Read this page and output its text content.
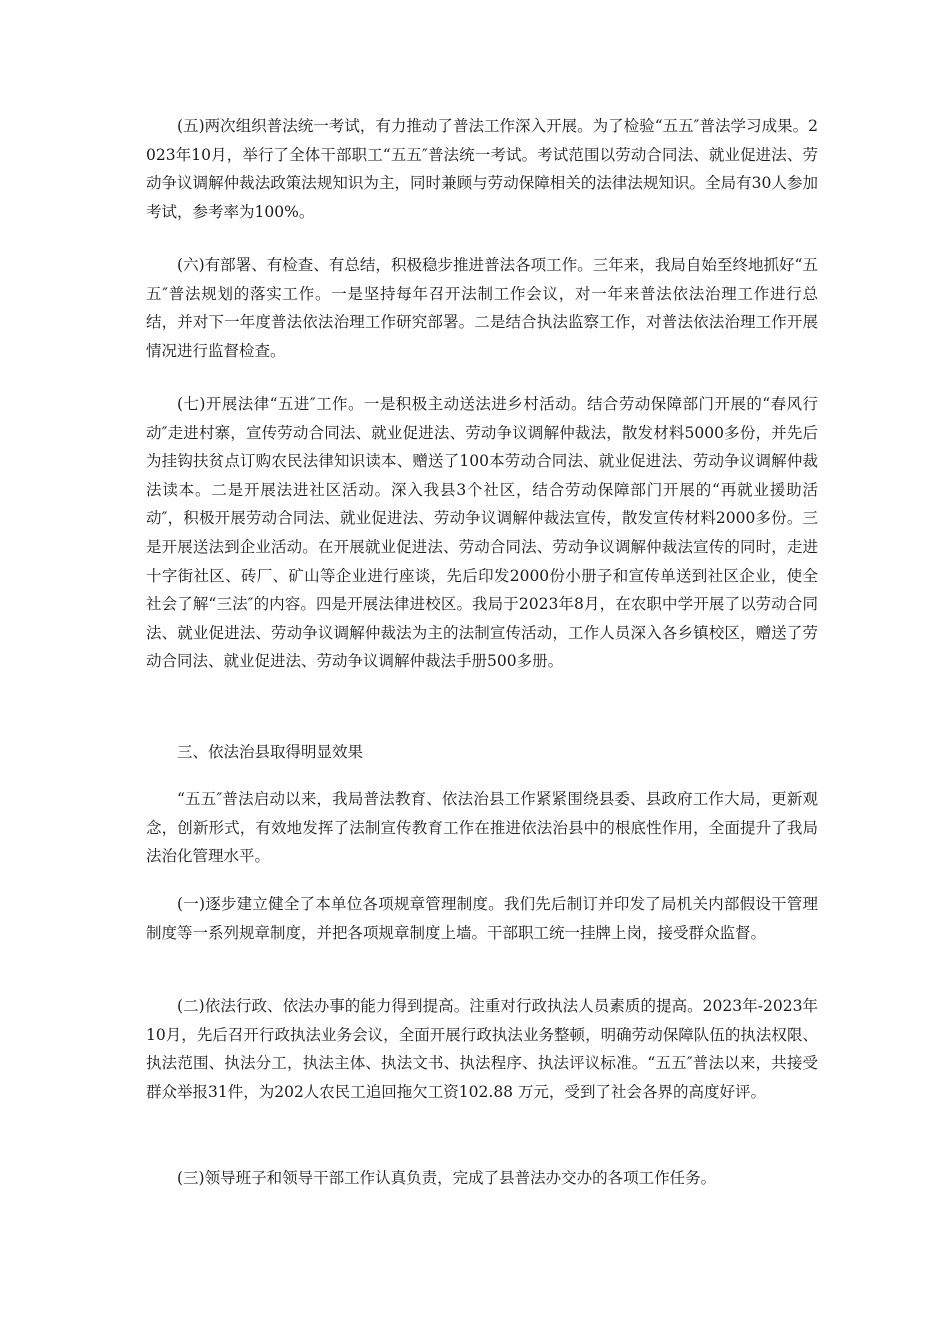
(五)两次组织普法统一考试，有力推动了普法工作深入开展。为了检验“五五″普法学习成果。2023年10月，举行了全体干部职工“五五″普法统一考试。考试范围以劳动合同法、就业促进法、劳动争议调解仲裁法政策法规知识为主，同时兼顾与劳动保障相关的法律法规知识。全局有30人参加考试，参考率为100%。

(六)有部署、有检查、有总结，积极稳步推进普法各项工作。三年来，我局自始至终地抓好“五五″普法规划的落实工作。一是坚持每年召开法制工作会议，对一年来普法依法治理工作进行总结，并对下一年度普法依法治理工作研究部署。二是结合执法监察工作，对普法依法治理工作开展情况进行监督检查。

(七)开展法律“五进″工作。一是积极主动送法进乡村活动。结合劳动保障部门开展的“春风行动″走进村寨，宣传劳动合同法、就业促进法、劳动争议调解仲裁法，散发材料5000多份，并先后为挂钩扶贫点订购农民法律知识读本、赠送了100本劳动合同法、就业促进法、劳动争议调解仲裁法读本。二是开展法进社区活动。深入我县3个社区，结合劳动保障部门开展的“再就业援助活动″，积极开展劳动合同法、就业促进法、劳动争议调解仲裁法宣传，散发宣传材料2000多份。三是开展送法到企业活动。在开展就业促进法、劳动合同法、劳动争议调解仲裁法宣传的同时，走进十字街社区、砖厂、矿山等企业进行座谈，先后印发2000份小册子和宣传单送到社区企业，使全社会了解“三法″的内容。四是开展法律进校区。我局于2023年8月，在农职中学开展了以劳动合同法、就业促进法、劳动争议调解仲裁法为主的法制宣传活动，工作人员深入各乡镇校区，赠送了劳动合同法、就业促进法、劳动争议调解仲裁法手册500多册。

三、依法治县取得明显效果

“五五″普法启动以来，我局普法教育、依法治县工作紧紧围绕县委、县政府工作大局，更新观念，创新形式，有效地发挥了法制宣传教育工作在推进依法治县中的根底性作用，全面提升了我局法治化管理水平。

(一)逐步建立健全了本单位各项规章管理制度。我们先后制订并印发了局机关内部假设干管理制度等一系列规章制度，并把各项规章制度上墙。干部职工统一挂牌上岗，接受群众监督。

(二)依法行政、依法办事的能力得到提高。注重对行政执法人员素质的提高。2023年-2023年10月，先后召开行政执法业务会议，全面开展行政执法业务整顿，明确劳动保障队伍的执法权限、执法范围、执法分工，执法主体、执法文书、执法程序、执法评议标准。“五五″普法以来，共接受群众举报31件，为202人农民工追回拖欠工资102.88 万元，受到了社会各界的高度好评。

(三)领导班子和领导干部工作认真负责，完成了县普法办交办的各项工作任务。
